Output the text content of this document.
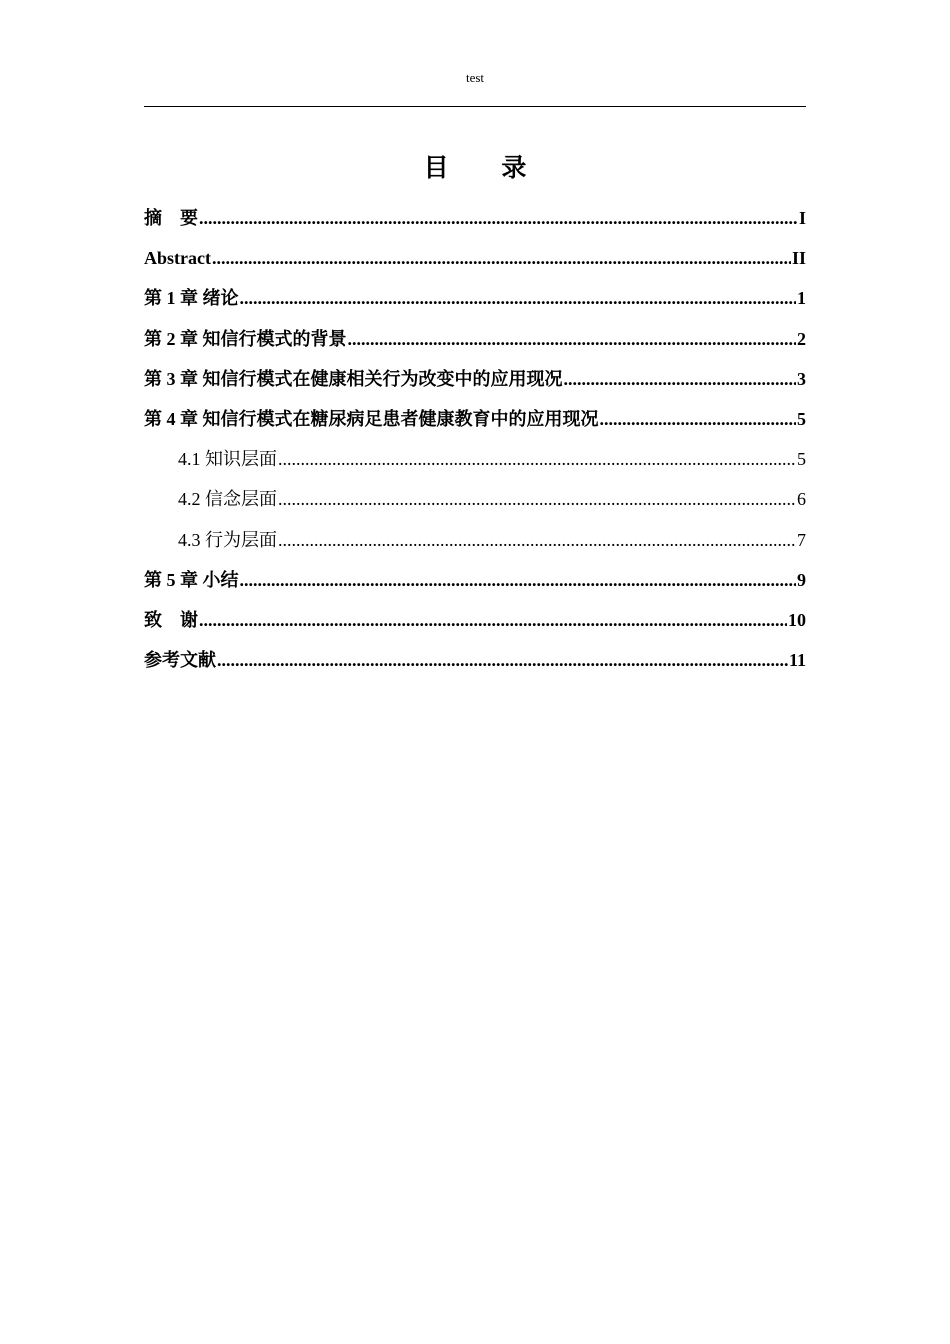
test
目 录
摘　要 .....	I
Abstract .....	II
第 1 章 绪论 .....	1
第 2 章 知信行模式的背景 .....	2
第 3 章 知信行模式在健康相关行为改变中的应用现况 .....	3
第 4 章 知信行模式在糖尿病足患者健康教育中的应用现况 .....	5
4.1 知识层面 .....	5
4.2 信念层面 .....	6
4.3 行为层面 .....	7
第 5 章 小结 .....	9
致　谢 .....	10
参考文献 .....	11
